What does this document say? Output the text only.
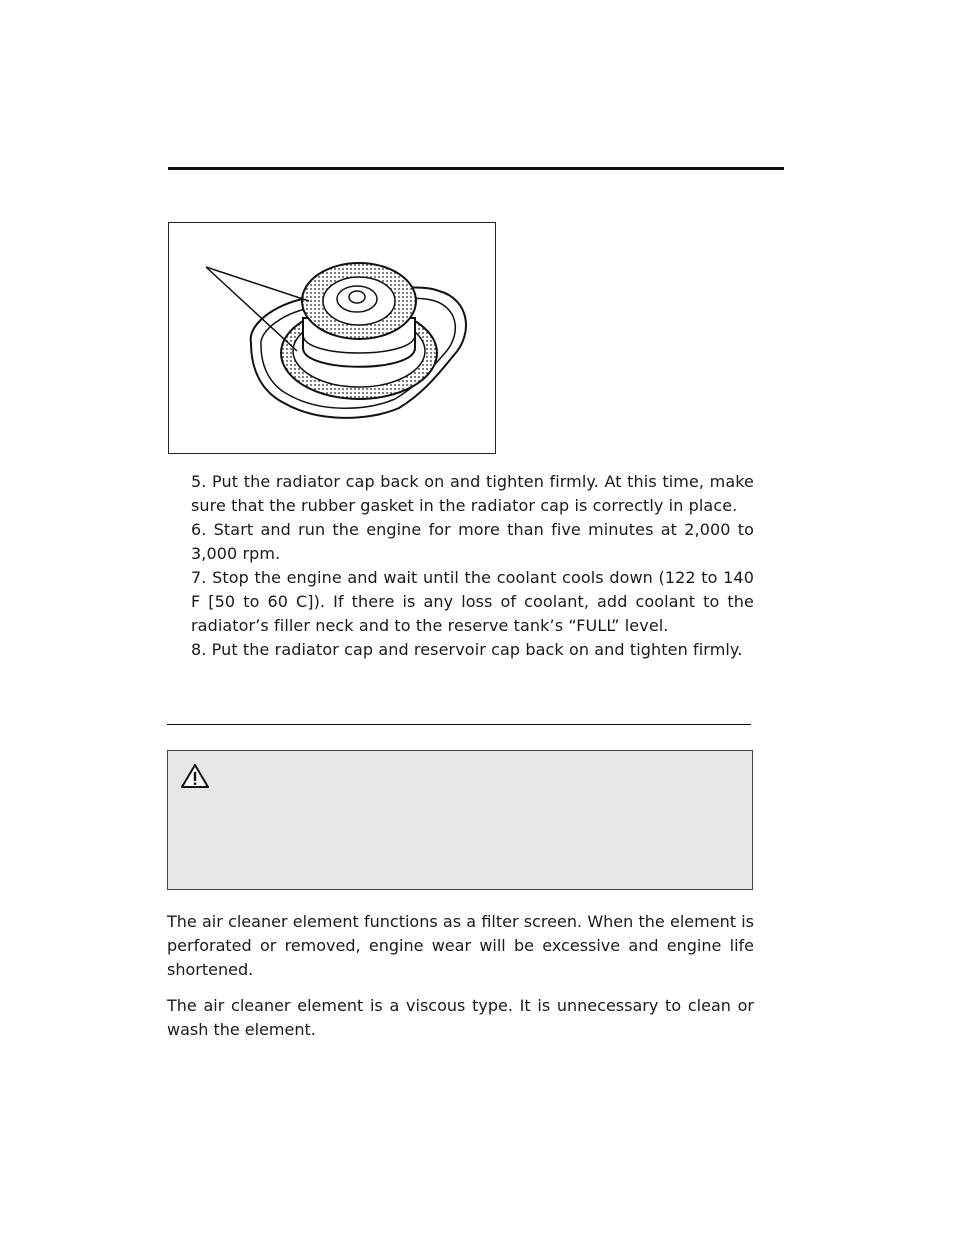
5. Put the radiator cap back on and tighten firmly. At this time, make sure that the rubber gasket in the radiator cap is correctly in place.

6. Start and run the engine for more than five minutes at 2,000 to 3,000 rpm.

7. Stop the engine and wait until the coolant cools down (122 to 140 F [50 to 60 C]). If there is any loss of coolant, add coolant to the radiator’s filler neck and to the reserve tank’s “FULL” level.

8. Put the radiator cap and reservoir cap back on and tighten firmly.

The air cleaner element functions as a filter screen. When the element is perforated or removed, engine wear will be excessive and engine life shortened.

The air cleaner element is a viscous type. It is unnecessary to clean or wash the element.
